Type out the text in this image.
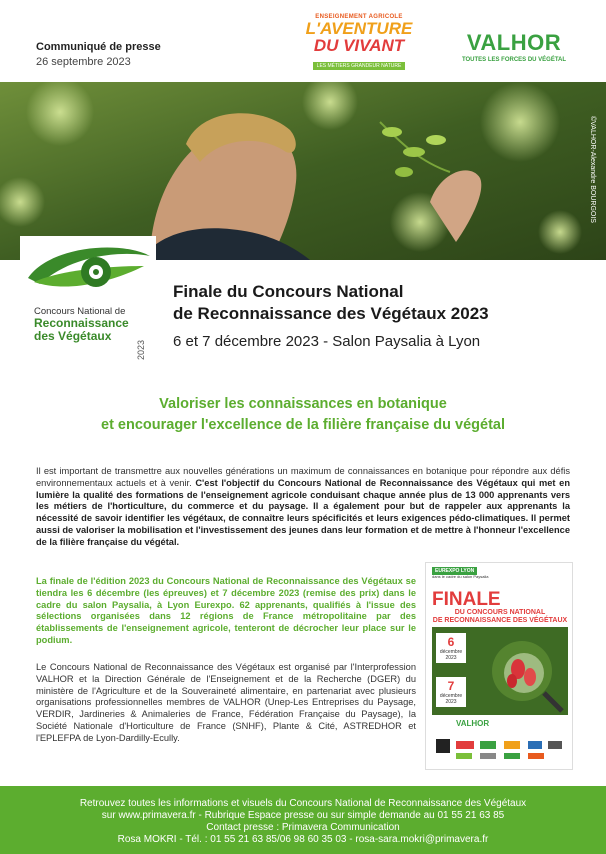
Communiqué de presse
26 septembre 2023
ENSEIGNEMENT AGRICOLE
L'AVENTURE
DU VIVANT
LES MÉTIERS GRANDEUR NATURE
VALHOR
TOUTES LES FORCES DU VÉGÉTAL
©VALHOR-Alexandre BOURGOIS
Concours National de
Reconnaissance
des Végétaux
2023
Finale du Concours National
de Reconnaissance des Végétaux 2023
6 et 7 décembre 2023 - Salon Paysalia à Lyon
Valoriser les connaissances en botanique
et encourager l'excellence de la filière française du végétal
Il est important de transmettre aux nouvelles générations un maximum de connaissances en botanique pour répondre aux défis environnementaux actuels et à venir. C'est l'objectif du Concours National de Reconnaissance des Végétaux qui met en lumière la qualité des formations de l'enseignement agricole conduisant chaque année plus de 13 000 apprenants vers les métiers de l'horticulture, du commerce et du paysage. Il a également pour but de rappeler aux apprenants la nécessité de savoir identifier les végétaux, de connaître leurs spécificités et leurs exigences pédo-climatiques. Il permet aussi de valoriser la mobilisation et l'investissement des jeunes dans leur formation et de mettre à l'honneur l'excellence de la filière française du végétal.
La finale de l'édition 2023 du Concours National de Reconnaissance des Végétaux se tiendra les 6 décembre (les épreuves) et 7 décembre 2023 (remise des prix) dans le cadre du salon Paysalia, à Lyon Eurexpo. 62 apprenants, qualifiés à l'issue des sélections organisées dans 12 régions de France métropolitaine par des établissements de l'enseignement agricole, tenteront de décrocher leur place sur le podium.
Le Concours National de Reconnaissance des Végétaux est organisé par l'Interprofession VALHOR et la Direction Générale de l'Enseignement et de la Recherche (DGER) du ministère de l'Agriculture et de la Souveraineté alimentaire, en partenariat avec plusieurs organisations professionnelles membres de VALHOR (Unep-Les Entreprises du Paysage, VERDIR, Jardineries & Animaleries de France, Fédération Française du Paysage), la Société Nationale d'Horticulture de France (SNHF), Plante & Cité, ASTREDHOR et l'EPLEFPA de Lyon-Dardilly-Ecully.
EUREXPO LYON
dans le cadre du salon Paysalia
FINALE
DU CONCOURS NATIONAL
DE RECONNAISSANCE DES VÉGÉTAUX
6
décembre 2023
7
décembre 2023
VALHOR
Retrouvez toutes les informations et visuels du Concours National de Reconnaissance des Végétaux
sur www.primavera.fr - Rubrique Espace presse ou sur simple demande au 01 55 21 63 85
Contact presse : Primavera Communication
Rosa MOKRI - Tél. : 01 55 21 63 85/06 98 60 35 03 - rosa-sara.mokri@primavera.fr
